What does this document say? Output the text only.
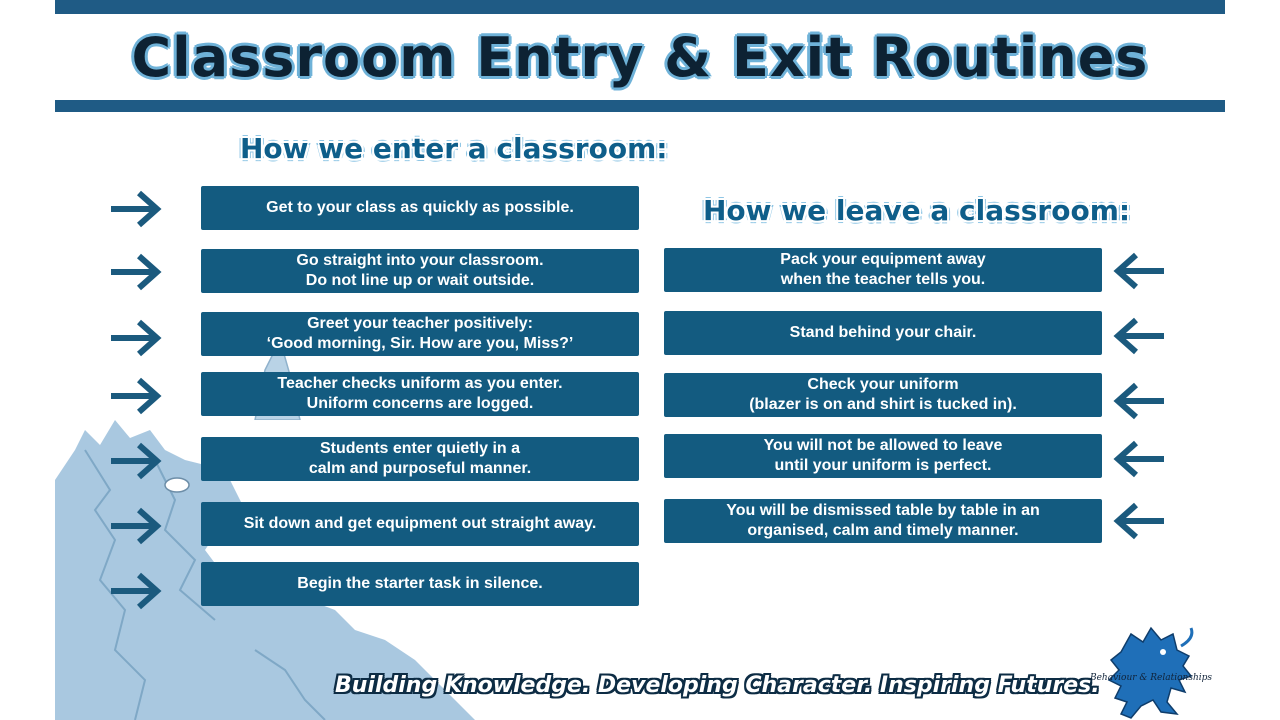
Classroom Entry & Exit Routines
How we enter a classroom:
How we leave a classroom:
Get to your class as quickly as possible.
Go straight into your classroom.
Do not line up or wait outside.
Greet your teacher positively:
‘Good morning, Sir. How are you, Miss?’
Teacher checks uniform as you enter.
Uniform concerns are logged.
Students enter quietly in a
calm and purposeful manner.
Sit down and get equipment out straight away.
Begin the starter task in silence.
Pack your equipment away
when the teacher tells you.
Stand behind your chair.
Check your uniform
(blazer is on and shirt is tucked in).
You will not be allowed to leave
until your uniform is perfect.
You will be dismissed table by table in an
organised, calm and timely manner.
Building Knowledge. Developing Character. Inspiring Futures.
Behaviour & Relationships
